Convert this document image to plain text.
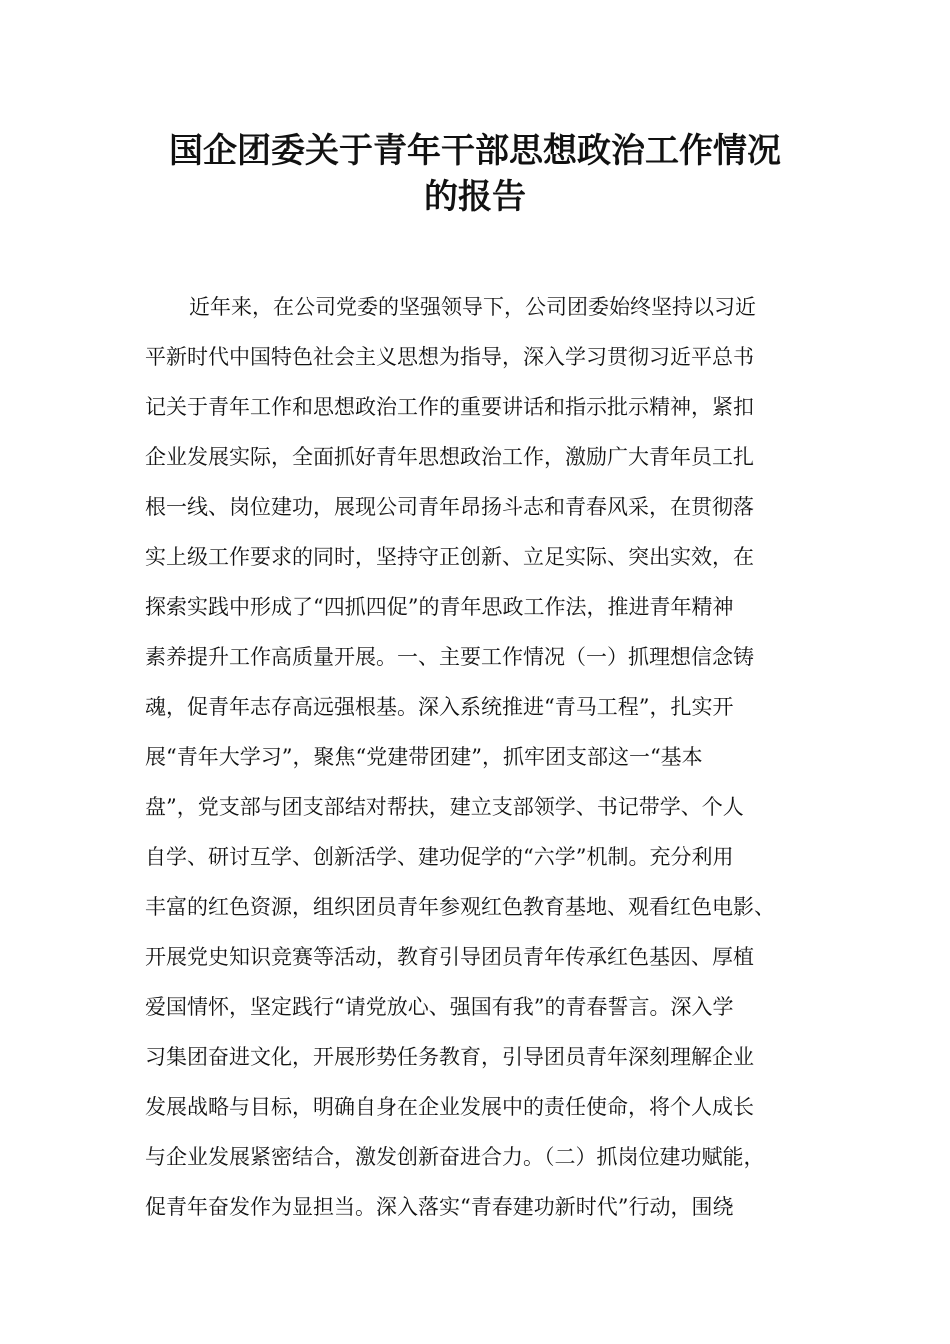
国企团委关于青年干部思想政治工作情况
的报告
近年来，在公司党委的坚强领导下，公司团委始终坚持以习近
平新时代中国特色社会主义思想为指导，深入学习贯彻习近平总书
记关于青年工作和思想政治工作的重要讲话和指示批示精神，紧扣
企业发展实际，全面抓好青年思想政治工作，激励广大青年员工扎
根一线、岗位建功，展现公司青年昂扬斗志和青春风采，在贯彻落
实上级工作要求的同时，坚持守正创新、立足实际、突出实效，在
探索实践中形成了“四抓四促”的青年思政工作法，推进青年精神
素养提升工作高质量开展。一、主要工作情况（一）抓理想信念铸
魂，促青年志存高远强根基。深入系统推进“青马工程”，扎实开
展“青年大学习”，聚焦“党建带团建”，抓牢团支部这一“基本
盘”，党支部与团支部结对帮扶，建立支部领学、书记带学、个人
自学、研讨互学、创新活学、建功促学的“六学”机制。充分利用
丰富的红色资源，组织团员青年参观红色教育基地、观看红色电影、
开展党史知识竞赛等活动，教育引导团员青年传承红色基因、厚植
爱国情怀，坚定践行“请党放心、强国有我”的青春誓言。深入学
习集团奋进文化，开展形势任务教育，引导团员青年深刻理解企业
发展战略与目标，明确自身在企业发展中的责任使命，将个人成长
与企业发展紧密结合，激发创新奋进合力。（二）抓岗位建功赋能，
促青年奋发作为显担当。深入落实“青春建功新时代”行动，围绕
